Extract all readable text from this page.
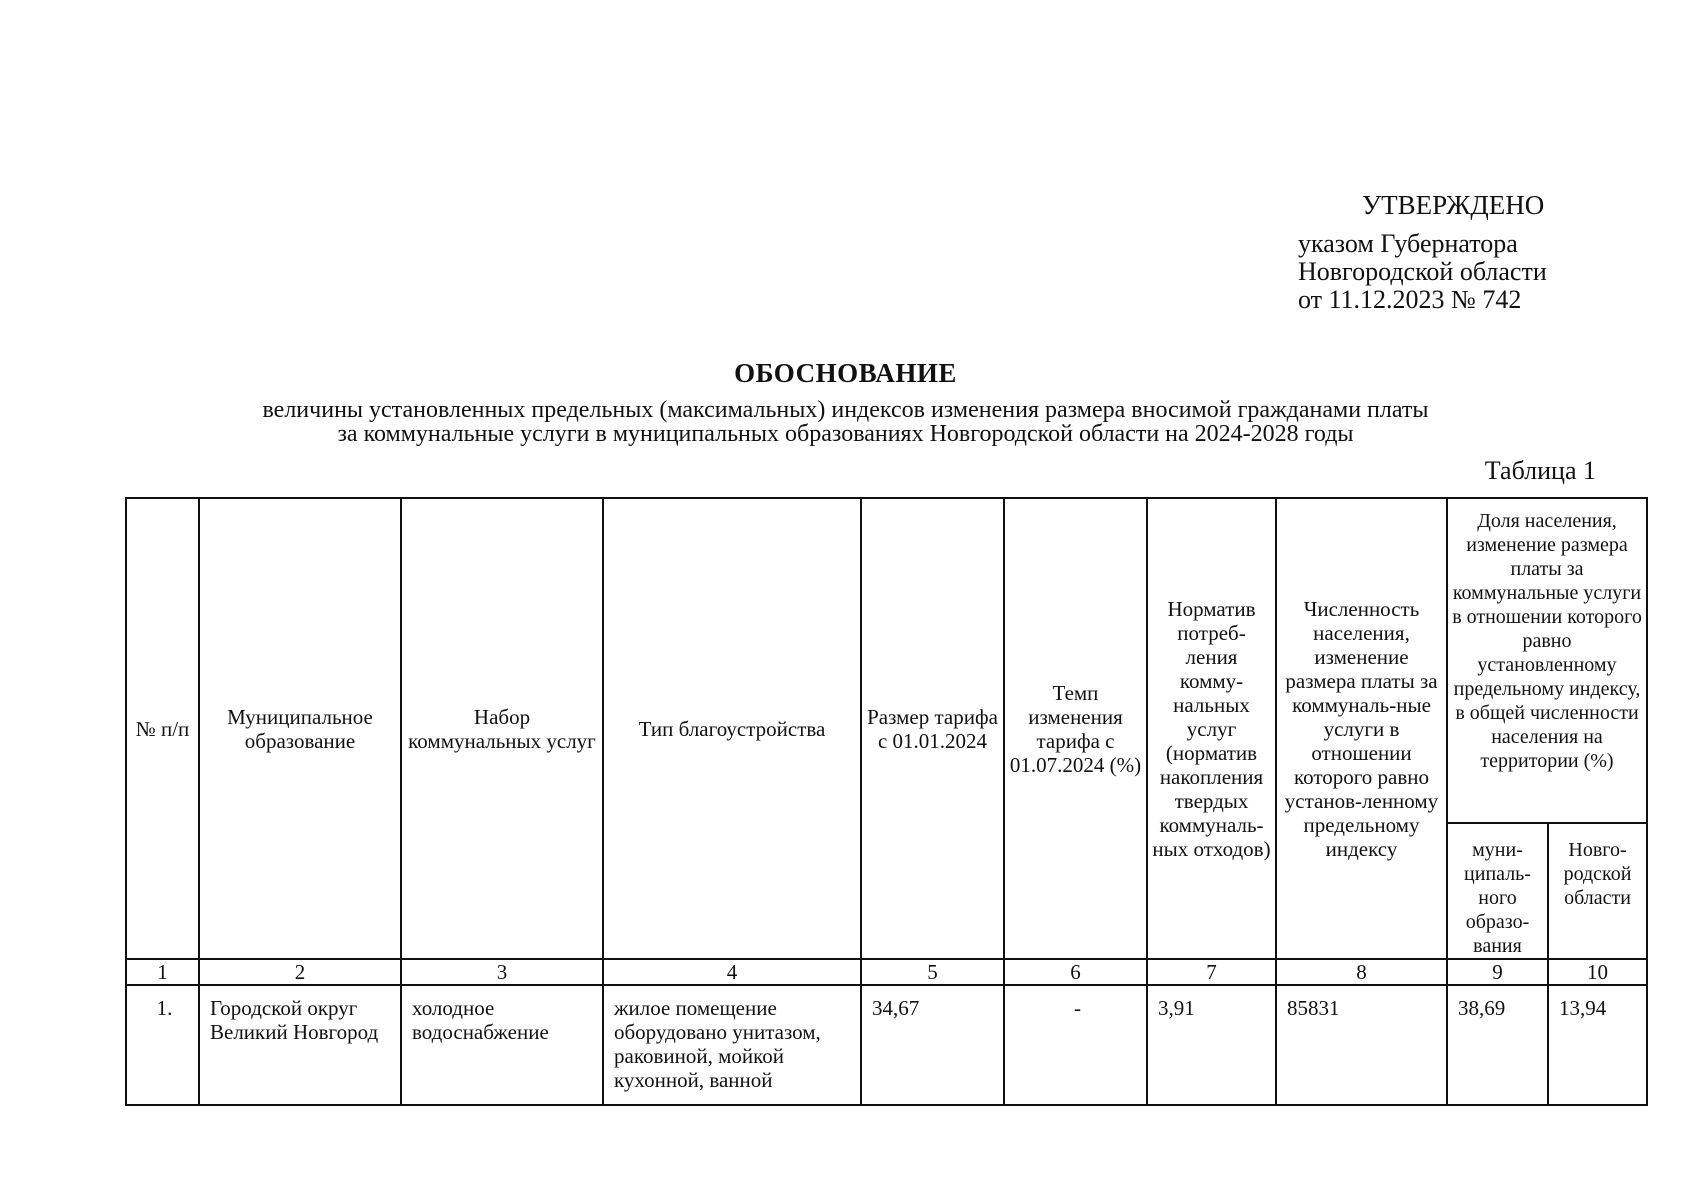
УТВЕРЖДЕНО
указом Губернатора
Новгородской области
от 11.12.2023 № 742
ОБОСНОВАНИЕ
величины установленных предельных (максимальных) индексов изменения размера вносимой гражданами платы
за коммунальные услуги в муниципальных образованиях Новгородской области на 2024-2028 годы
Таблица 1
№ п/п	Муниципальное образование	Набор коммунальных услуг	Тип благоустройства	Размер тарифа с 01.01.2024	Темп изменения тарифа с 01.07.2024 (%)	Норматив потреб-ления комму-нальных услуг (норматив накопления твердых коммуналь-ных отходов)	Численность населения, изменение размера платы за коммуналь-ные услуги в отношении которого равно установ-ленному предельному индексу	Доля населения, изменение размера платы за коммунальные услуги в отношении которого равно установленному предельному индексу, в общей численности населения на территории (%)	
								муни-ципаль-ного образо-вания	Новго-родской области
1	2	3	4	5	6	7	8	9	10
1.	Городской округ Великий Новгород	холодное водоснабжение	жилое помещение оборудовано унитазом, раковиной, мойкой кухонной, ванной	34,67	-	3,91	85831	38,69	13,94
